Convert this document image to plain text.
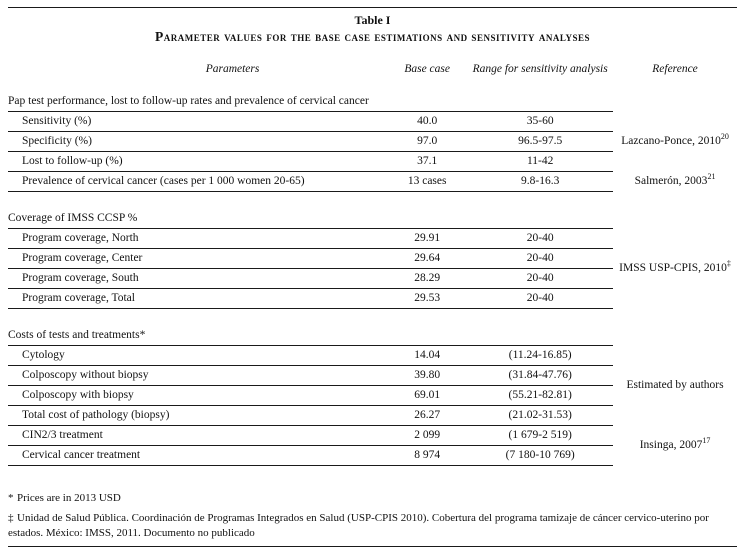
Table I
Parameter values for the base case estimations and sensitivity analyses
Parameters	Base case	Range for sensitivity analysis	Reference
Pap test performance, lost to follow-up rates and prevalence of cervical cancer			
Sensitivity (%)	40.0	35-60	Lazcano-Ponce, 2010$^{20}$
Specificity (%)	97.0	96.5-97.5	
Lost to follow-up (%)	37.1	11-42	
Prevalence of cervical cancer (cases per 1 000 women 20-65)	13 cases	9.8-16.3	Salmerón, 2003$^{21}$

Coverage of IMSS CCSP %			
Program coverage, North	29.91	20-40	IMSS USP-CPIS, 2010‡
Program coverage, Center	29.64	20-40	
Program coverage, South	28.29	20-40	
Program coverage, Total	29.53	20-40	

Costs of tests and treatments*			
Cytology	14.04	(11.24-16.85)	Estimated by authors
Colposcopy without biopsy	39.80	(31.84-47.76)	
Colposcopy with biopsy	69.01	(55.21-82.81)	
Total cost of pathology (biopsy)	26.27	(21.02-31.53)	
CIN2/3 treatment	2 099	(1 679-2 519)	Insinga, 2007$^{17}$
Cervical cancer treatment	8 974	(7 180-10 769)	

* Prices are in 2013 USD

‡ Unidad de Salud Pública. Coordinación de Programas Integrados en Salud (USP-CPIS 2010). Cobertura del programa tamizaje de cáncer cervico-uterino por estados. México: IMSS, 2011. Documento no publicado
